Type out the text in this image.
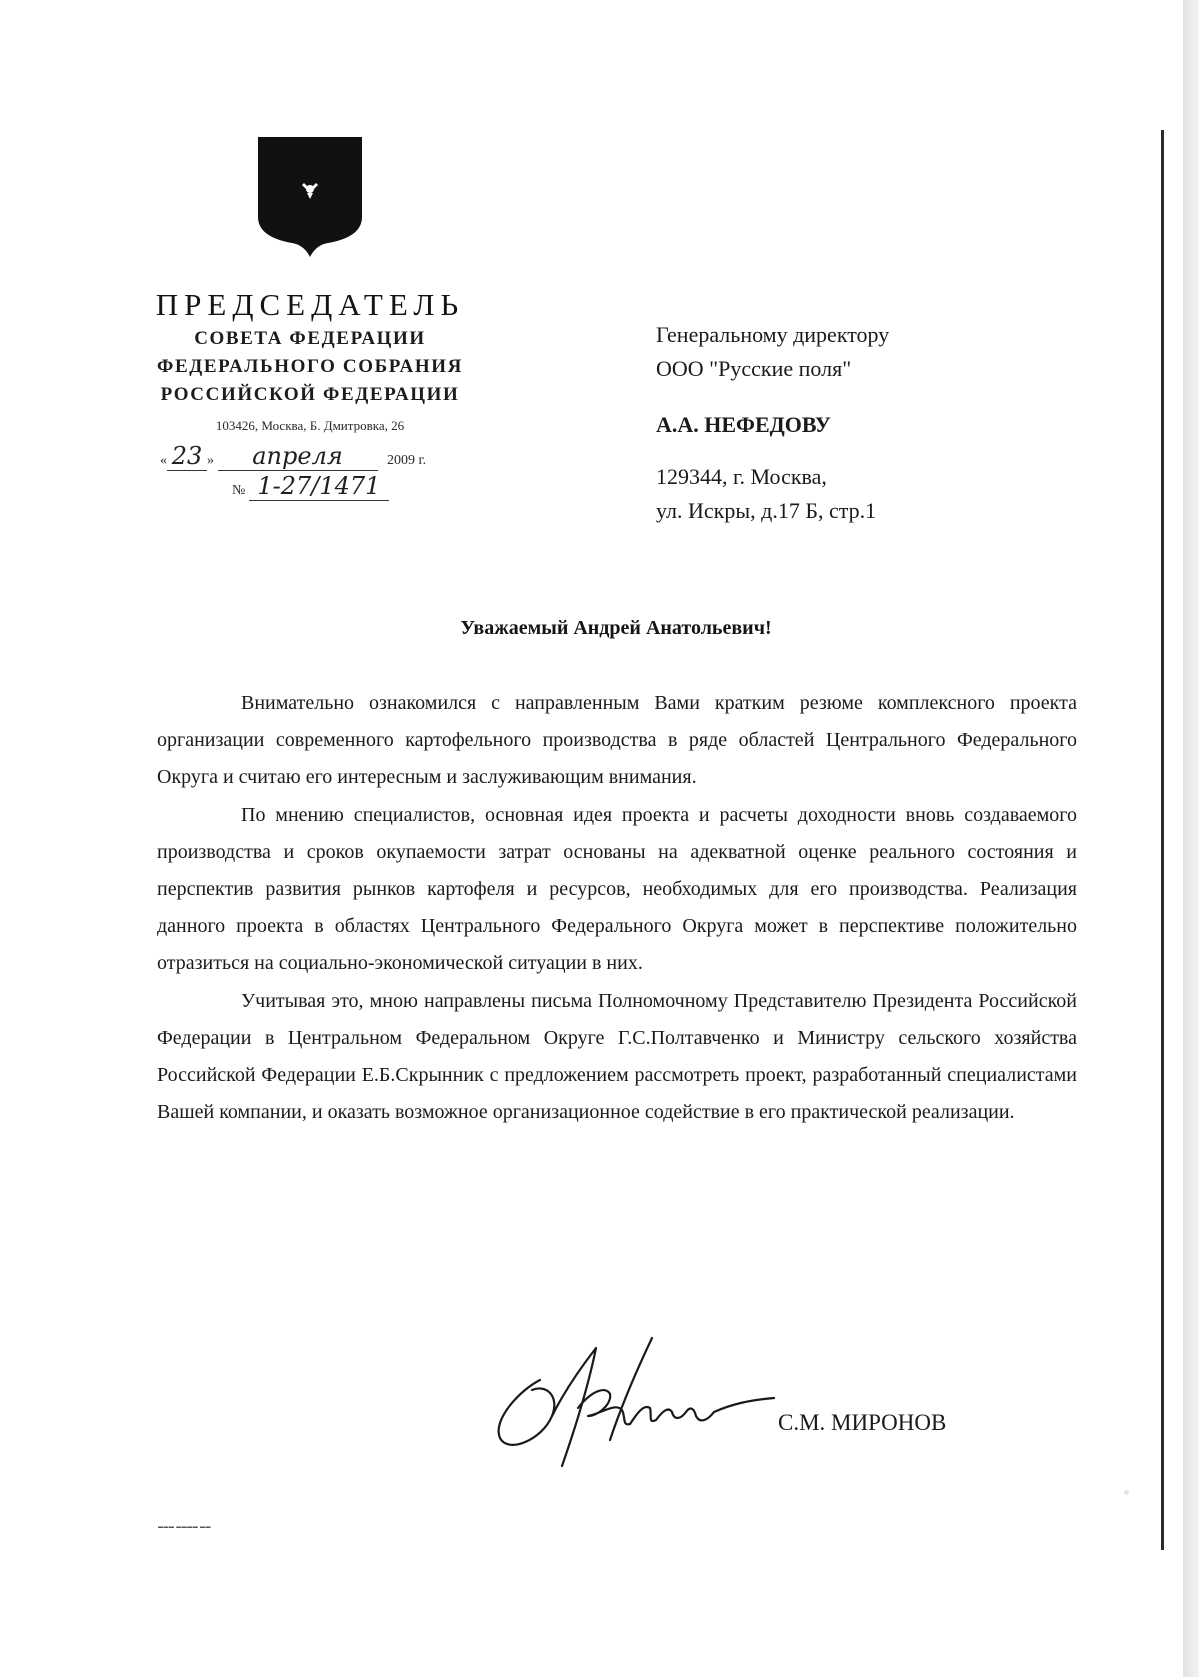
ПРЕДСЕДАТЕЛЬ
СОВЕТА ФЕДЕРАЦИИ
ФЕДЕРАЛЬНОГО СОБРАНИЯ
РОССИЙСКОЙ ФЕДЕРАЦИИ
103426, Москва, Б. Дмитровка, 26
« 23 » апреля	2009 г.
№ 1-27/1471
Генеральному директору
ООО "Русские поля"
А.А. НЕФЕДОВУ
129344, г. Москва,
ул. Искры, д.17 Б, стр.1
Уважаемый Андрей Анатольевич!

Внимательно ознакомился с направленным Вами кратким резюме комплексного проекта организации современного картофельного производства в ряде областей Центрального Федерального Округа и считаю его интересным и заслуживающим внимания.

По мнению специалистов, основная идея проекта и расчеты доходности вновь создаваемого производства и сроков окупаемости затрат основаны на адекватной оценке реального состояния и перспектив развития рынков картофеля и ресурсов, необходимых для его производства. Реализация данного проекта в областях Центрального Федерального Округа может в перспективе положительно отразиться на социально-экономической ситуации в них.

Учитывая это, мною направлены письма Полномочному Представителю Президента Российской Федерации в Центральном Федеральном Округе Г.С.Полтавченко и Министру сельского хозяйства Российской Федерации Е.Б.Скрынник с предложением рассмотреть проект, разработанный специалистами Вашей компании, и оказать возможное организационное содействие в его практической реализации.

С.М. МИРОНОВ
▬▬▬ ▬▬▬▬ ▬▬
